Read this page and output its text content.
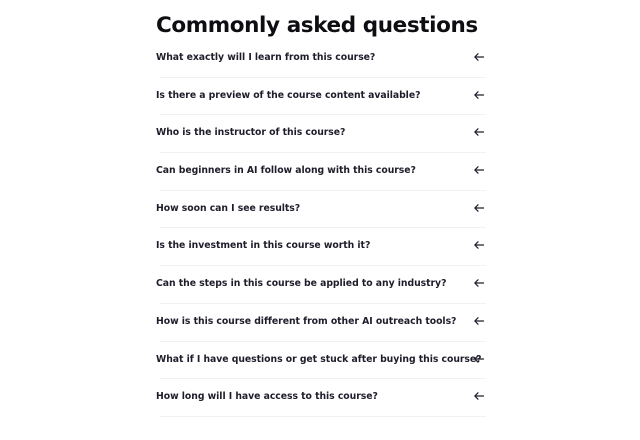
Commonly asked questions
What exactly will I learn from this course?
Is there a preview of the course content available?
Who is the instructor of this course?
Can beginners in AI follow along with this course?
How soon can I see results?
Is the investment in this course worth it?
Can the steps in this course be applied to any industry?
How is this course different from other AI outreach tools?
What if I have questions or get stuck after buying this course?
How long will I have access to this course?
